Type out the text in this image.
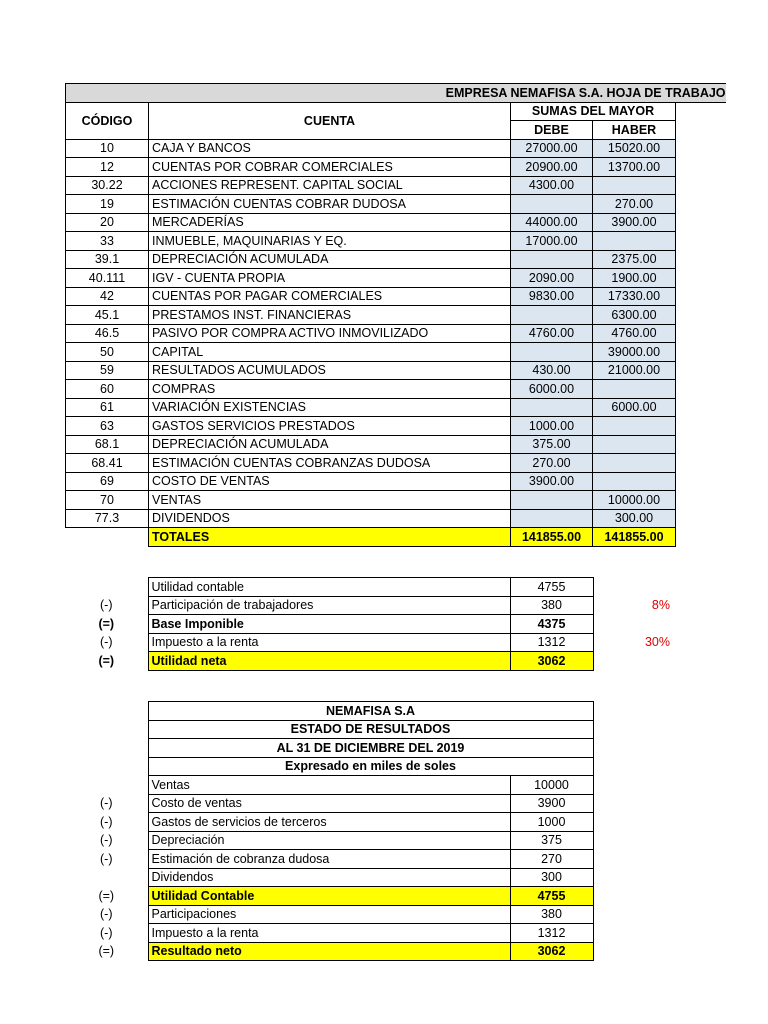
EMPRESA NEMAFISA S.A. HOJA DE TRABAJO				
CÓDIGO	CUENTA	SUMAS DEL MAYOR		
		DEBE	HABER	
10	CAJA Y BANCOS	27000.00	15020.00	
12	CUENTAS POR COBRAR COMERCIALES	20900.00	13700.00	
30.22	ACCIONES REPRESENT. CAPITAL SOCIAL	4300.00		
19	ESTIMACIÓN CUENTAS COBRAR DUDOSA		270.00	
20	MERCADERÍAS	44000.00	3900.00	
33	INMUEBLE, MAQUINARIAS Y EQ.	17000.00		
39.1	DEPRECIACIÓN ACUMULADA		2375.00	
40.111	IGV - CUENTA PROPIA	2090.00	1900.00	
42	CUENTAS POR PAGAR COMERCIALES	9830.00	17330.00	
45.1	PRESTAMOS INST. FINANCIERAS		6300.00	
46.5	PASIVO POR COMPRA ACTIVO INMOVILIZADO	4760.00	4760.00	
50	CAPITAL		39000.00	
59	RESULTADOS ACUMULADOS	430.00	21000.00	
60	COMPRAS	6000.00		
61	VARIACIÓN EXISTENCIAS		6000.00	
63	GASTOS SERVICIOS PRESTADOS	1000.00		
68.1	DEPRECIACIÓN ACUMULADA	375.00		
68.41	ESTIMACIÓN CUENTAS COBRANZAS DUDOSA	270.00		
69	COSTO DE VENTAS	3900.00		
70	VENTAS		10000.00	
77.3	DIVIDENDOS		300.00	
	TOTALES	141855.00	141855.00	
	Utilidad contable	4755	
(-)	Participación de trabajadores	380	8%
(=)	Base Imponible	4375	
(-)	Impuesto a la renta	1312	30%
(=)	Utilidad neta	3062	
	NEMAFISA S.A	
	ESTADO DE RESULTADOS	
	AL 31 DE DICIEMBRE DEL 2019	
	Expresado en miles de soles	
	Ventas	10000
(-)	Costo de ventas	3900
(-)	Gastos de servicios de terceros	1000
(-)	Depreciación	375
(-)	Estimación de cobranza dudosa	270
	Dividendos	300
(=)	Utilidad Contable	4755
(-)	Participaciones	380
(-)	Impuesto a la renta	1312
(=)	Resultado neto	3062
